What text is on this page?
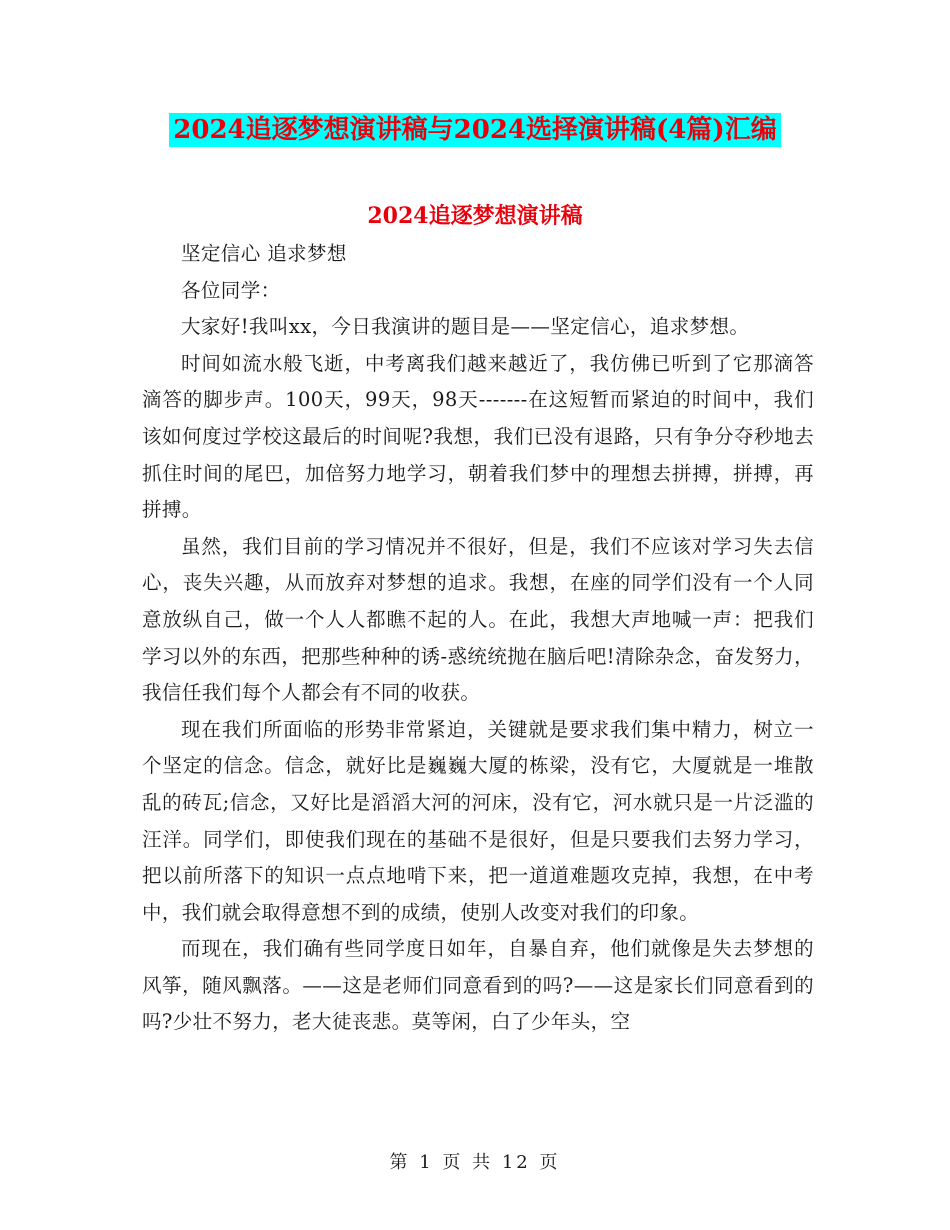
2024追逐梦想演讲稿与2024选择演讲稿(4篇)汇编
2024追逐梦想演讲稿

坚定信心 追求梦想

各位同学：

大家好!我叫xx，今日我演讲的题目是——坚定信心，追求梦想。

时间如流水般飞逝，中考离我们越来越近了，我仿佛已听到了它那滴答滴答的脚步声。100天，99天，98天-------在这短暂而紧迫的时间中，我们该如何度过学校这最后的时间呢?我想，我们已没有退路，只有争分夺秒地去抓住时间的尾巴，加倍努力地学习，朝着我们梦中的理想去拼搏，拼搏，再拼搏。

虽然，我们目前的学习情况并不很好，但是，我们不应该对学习失去信心，丧失兴趣，从而放弃对梦想的追求。我想，在座的同学们没有一个人同意放纵自己，做一个人人都瞧不起的人。在此，我想大声地喊一声：把我们学习以外的东西，把那些种种的诱-惑统统抛在脑后吧!清除杂念，奋发努力，我信任我们每个人都会有不同的收获。

现在我们所面临的形势非常紧迫，关键就是要求我们集中精力，树立一个坚定的信念。信念，就好比是巍巍大厦的栋梁，没有它，大厦就是一堆散乱的砖瓦;信念，又好比是滔滔大河的河床，没有它，河水就只是一片泛滥的汪洋。同学们，即使我们现在的基础不是很好，但是只要我们去努力学习，把以前所落下的知识一点点地啃下来，把一道道难题攻克掉，我想，在中考中，我们就会取得意想不到的成绩，使别人改变对我们的印象。

而现在，我们确有些同学度日如年，自暴自弃，他们就像是失去梦想的风筝，随风飘落。——这是老师们同意看到的吗?——这是家长们同意看到的吗?少壮不努力，老大徒丧悲。莫等闲，白了少年头，空

第 1 页 共 12 页
